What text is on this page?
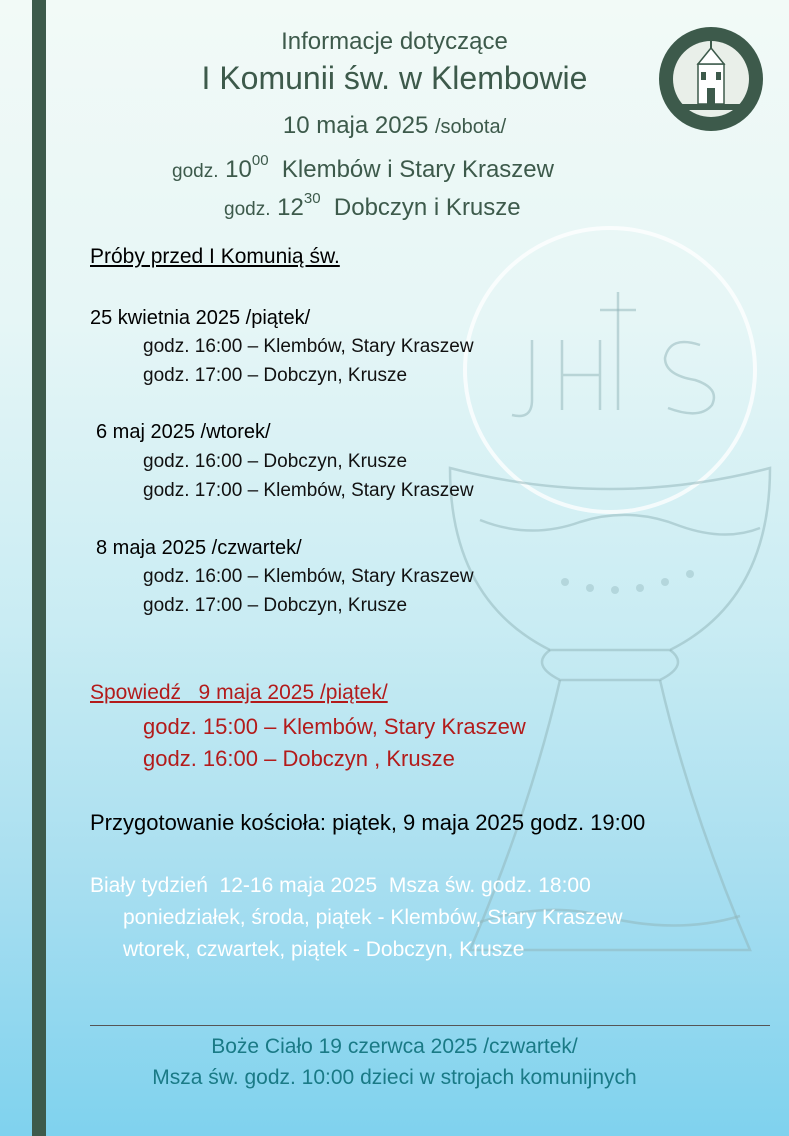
Informacje dotyczące
I Komunii św. w Klembowie
10 maja 2025 /sobota/
godz. $10^{00}$ Klembów i Stary Kraszew
godz. $12^{30}$ Dobczyn i Krusze
Próby przed I Komunią św.
25 kwietnia 2025 /piątek/
godz. 16:00 – Klembów, Stary Kraszew
godz. 17:00 – Dobczyn, Krusze
6 maj 2025 /wtorek/
godz. 16:00 – Dobczyn, Krusze
godz. 17:00 – Klembów, Stary Kraszew
8 maja 2025 /czwartek/
godz. 16:00 – Klembów, Stary Kraszew
godz. 17:00 – Dobczyn, Krusze
Spowiedź   9 maja 2025 /piątek/
godz. 15:00 – Klembów, Stary Kraszew
godz. 16:00 – Dobczyn , Krusze
Przygotowanie kościoła: piątek, 9 maja 2025 godz. 19:00
Biały tydzień  12-16 maja 2025  Msza św. godz. 18:00
poniedziałek, środa, piątek - Klembów, Stary Kraszew
wtorek, czwartek, piątek - Dobczyn, Krusze
Boże Ciało 19 czerwca 2025 /czwartek/
Msza św. godz. 10:00 dzieci w strojach komunijnych
